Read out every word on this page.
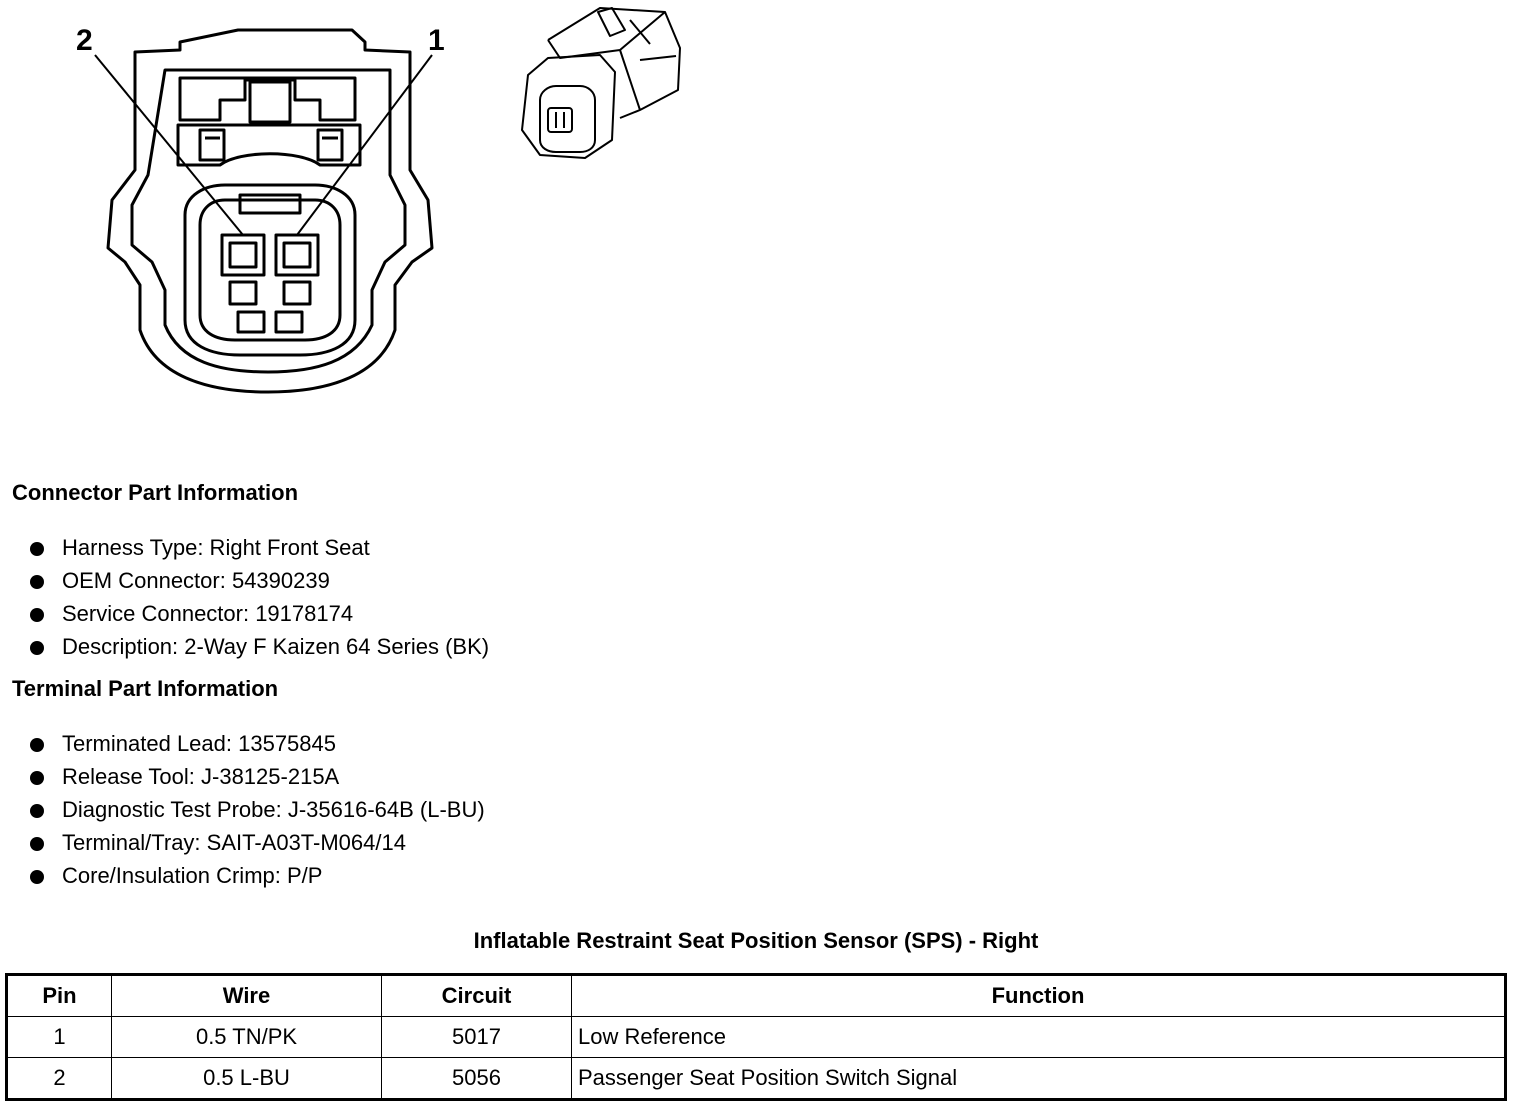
2	1
Connector Part Information
Harness Type: Right Front Seat
OEM Connector: 54390239
Service Connector: 19178174
Description: 2-Way F Kaizen 64 Series (BK)
Terminal Part Information
Terminated Lead: 13575845
Release Tool: J-38125-215A
Diagnostic Test Probe: J-35616-64B (L-BU)
Terminal/Tray: SAIT-A03T-M064/14
Core/Insulation Crimp: P/P
Inflatable Restraint Seat Position Sensor (SPS) - Right
Pin	Wire	Circuit	Function
1	0.5 TN/PK	5017	Low Reference
2	0.5 L-BU	5056	Passenger Seat Position Switch Signal
